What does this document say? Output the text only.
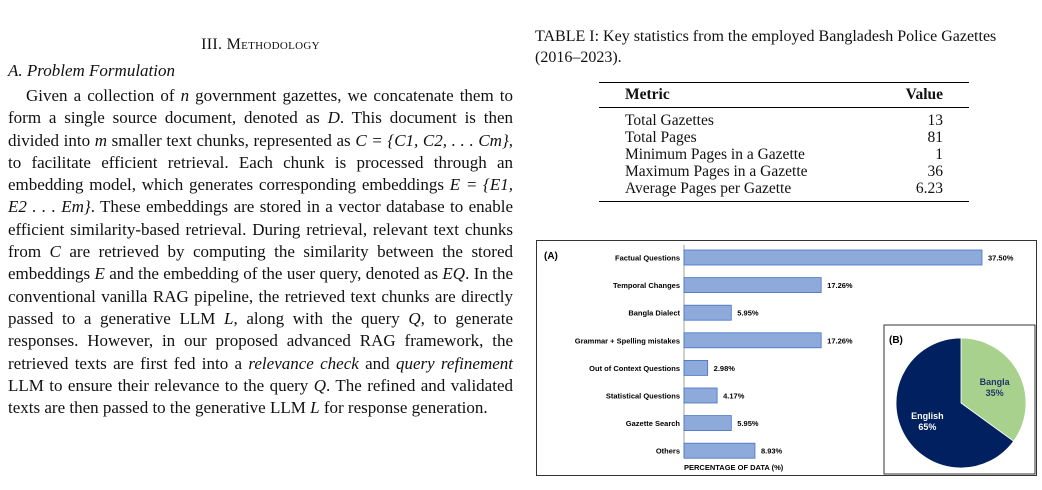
III. Methodology
A. Problem Formulation
Given a collection of n government gazettes, we concatenate them to form a single source document, denoted as D. This document is then divided into m smaller text chunks, represented as C = {C1, C2, . . . Cm}, to facilitate efficient retrieval. Each chunk is processed through an embedding model, which generates corresponding embeddings E = {E1, E2 . . . Em}. These embeddings are stored in a vector database to enable efficient similarity-based retrieval. During retrieval, relevant text chunks from C are retrieved by computing the similarity between the stored embeddings E and the embedding of the user query, denoted as EQ. In the conventional vanilla RAG pipeline, the retrieved text chunks are directly passed to a generative LLM L, along with the query Q, to generate responses. However, in our proposed advanced RAG framework, the retrieved texts are first fed into a relevance check and query refinement LLM to ensure their relevance to the query Q. The refined and validated texts are then passed to the generative LLM L for response generation.
TABLE I: Key statistics from the employed Bangladesh Police Gazettes (2016–2023).
Metric	Value
Total Gazettes	13
Total Pages	81
Minimum Pages in a Gazette	1
Maximum Pages in a Gazette	36
Average Pages per Gazette	6.23
(A)	Factual Questions	37.50%
Temporal Changes	17.26%
Bangla Dialect	5.95%
Grammar + Spelling mistakes	17.26%
Out of Context Questions	2.98%
Statistical Questions	4.17%
Gazette Search	5.95%
Others	8.93%
PERCENTAGE OF DATA (%)
(B)
Bangla
35%
English
65%
